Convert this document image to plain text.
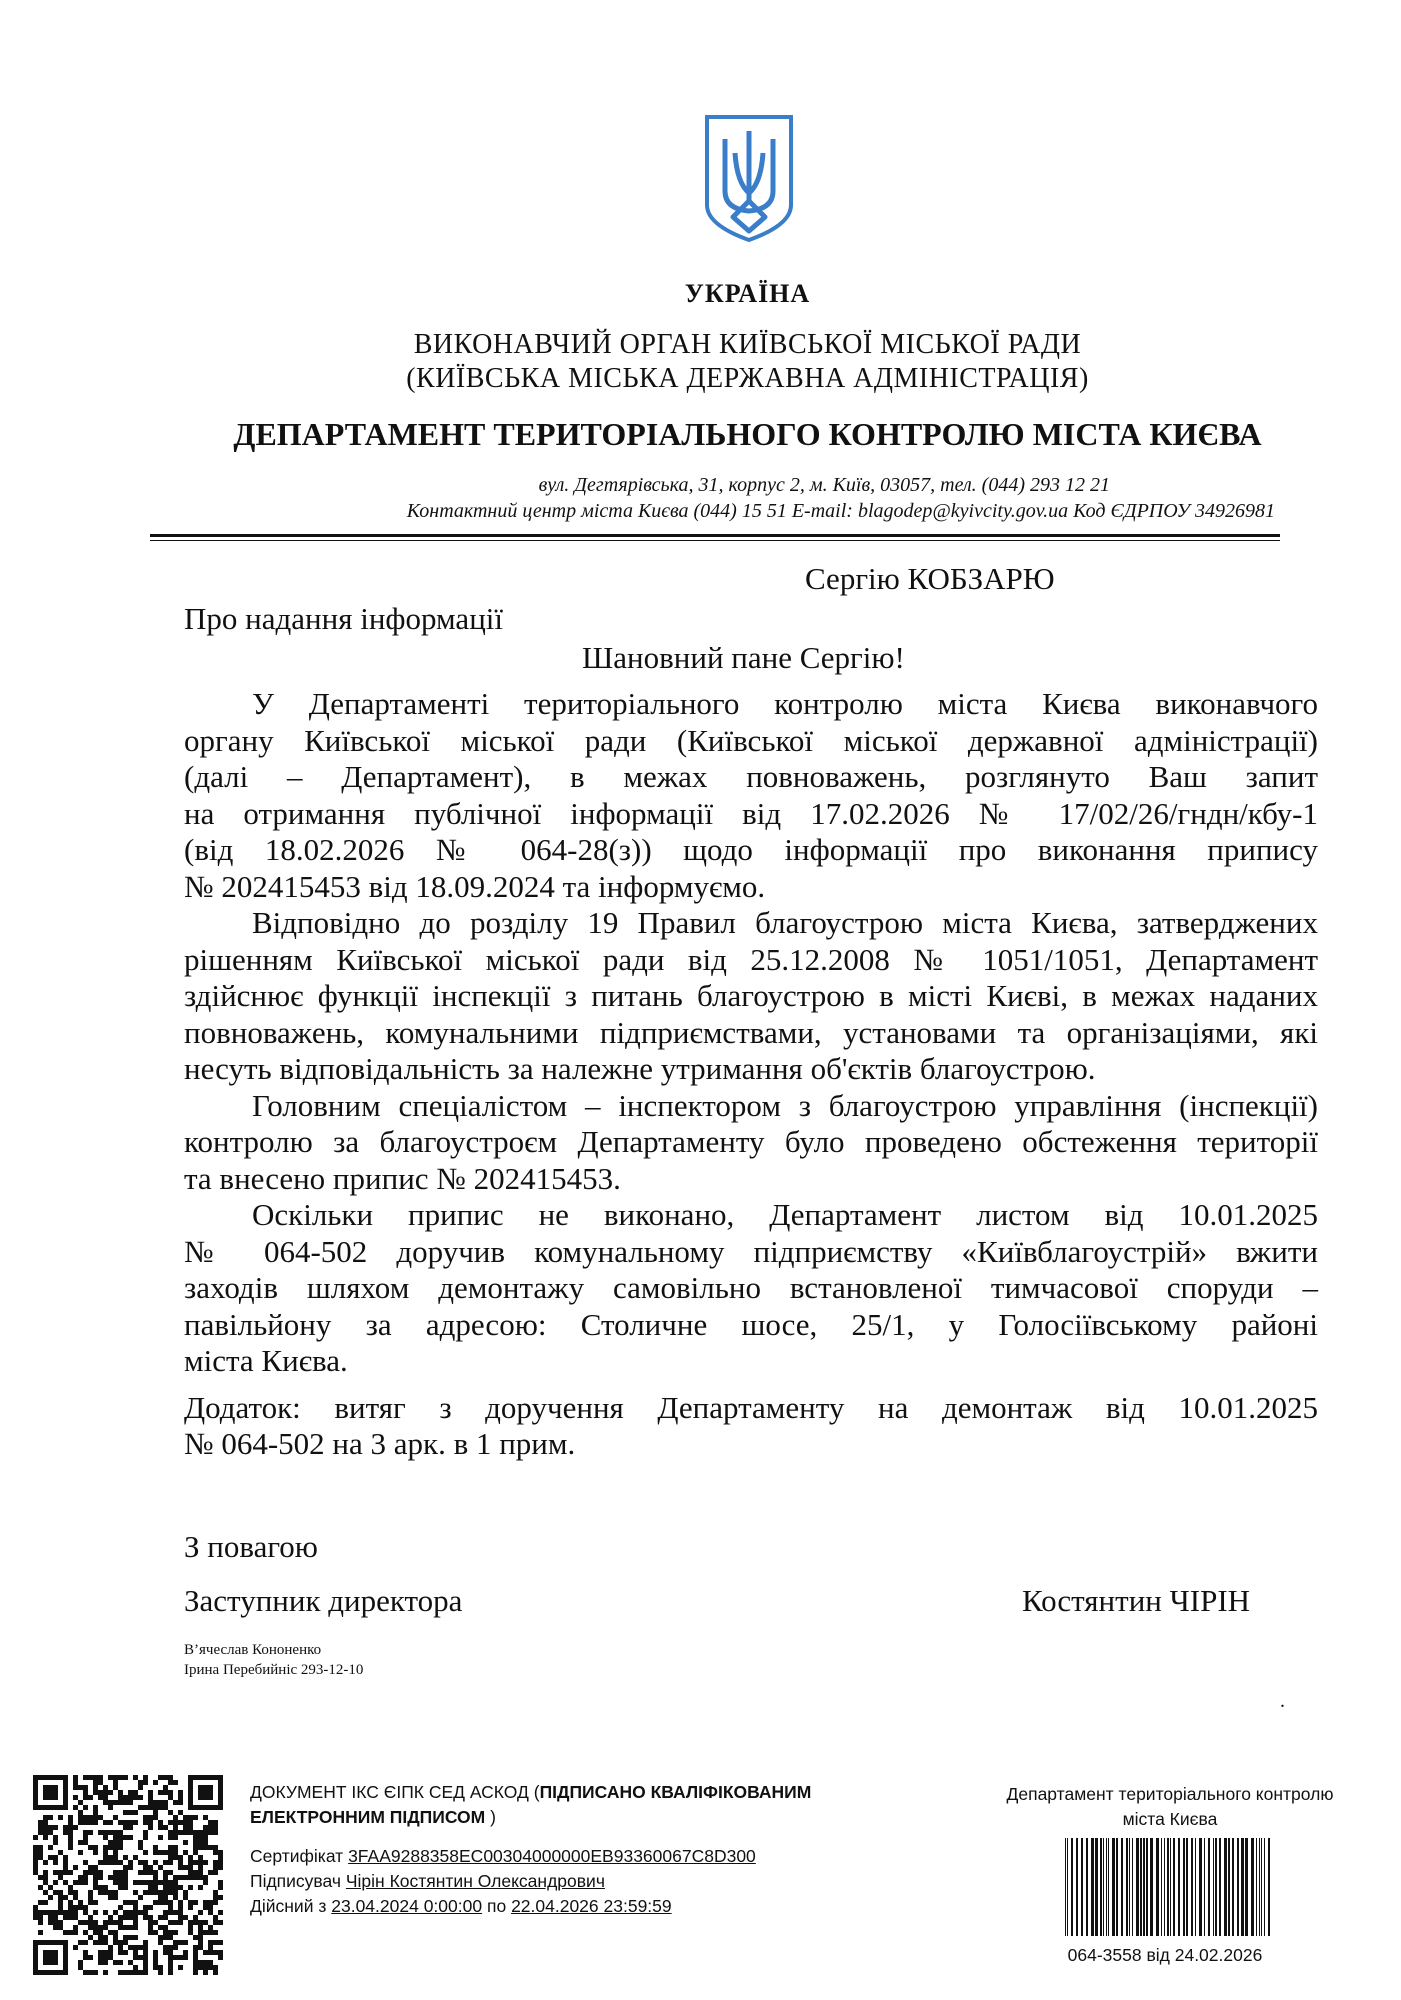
УКРАЇНА
ВИКОНАВЧИЙ ОРГАН КИЇВСЬКОЇ МІСЬКОЇ РАДИ
(КИЇВСЬКА МІСЬКА ДЕРЖАВНА АДМІНІСТРАЦІЯ)
ДЕПАРТАМЕНТ ТЕРИТОРІАЛЬНОГО КОНТРОЛЮ МІСТА КИЄВА
вул. Дегтярівська, 31, корпус 2, м. Київ, 03057, тел. (044) 293 12 21
Контактний центр міста Києва (044) 15 51 E-mail: blagodep@kyivcity.gov.ua Код ЄДРПОУ 34926981
Сергію КОБЗАРЮ
Про надання інформації
Шановний пане Сергію!
У Департаменті територіального контролю міста Києва виконавчого
органу Київської міської ради (Київської міської державної адміністрації)
(далі – Департамент), в межах повноважень, розглянуто Ваш запит
на отримання публічної інформації від 17.02.2026 № 17/02/26/гндн/кбу-1
(від 18.02.2026 № 064-28(з)) щодо інформації про виконання припису
№ 202415453 від 18.09.2024 та інформуємо.
Відповідно до розділу 19 Правил благоустрою міста Києва, затверджених
рішенням Київської міської ради від 25.12.2008 № 1051/1051, Департамент
здійснює функції інспекції з питань благоустрою в місті Києві, в межах наданих
повноважень, комунальними підприємствами, установами та організаціями, які
несуть відповідальність за належне утримання об'єктів благоустрою.
Головним спеціалістом – інспектором з благоустрою управління (інспекції)
контролю за благоустроєм Департаменту було проведено обстеження території
та внесено припис № 202415453.
Оскільки припис не виконано, Департамент листом від 10.01.2025
№ 064-502 доручив комунальному підприємству «Київблагоустрій» вжити
заходів шляхом демонтажу самовільно встановленої тимчасової споруди –
павільйону за адресою: Столичне шосе, 25/1, у Голосіївському районі
міста Києва.
Додаток: витяг з доручення Департаменту на демонтаж від 10.01.2025
№ 064-502 на 3 арк. в 1 прим.
З повагою
Заступник директора	Костянтин ЧІРІН
В’ячеслав Кононенко
Ірина Перебийніс 293-12-10
.
ДОКУМЕНТ ІКС ЄІПК СЕД АСКОД (ПІДПИСАНО КВАЛІФІКОВАНИМ
ЕЛЕКТРОННИМ ПІДПИСОМ )
Сертифікат 3FAA9288358EC00304000000EB93360067C8D300
Підписувач Чірін Костянтин Олександрович
Дійсний з 23.04.2024 0:00:00 по 22.04.2026 23:59:59
Департамент територіального контролю
міста Києва
064-3558 від 24.02.2026
